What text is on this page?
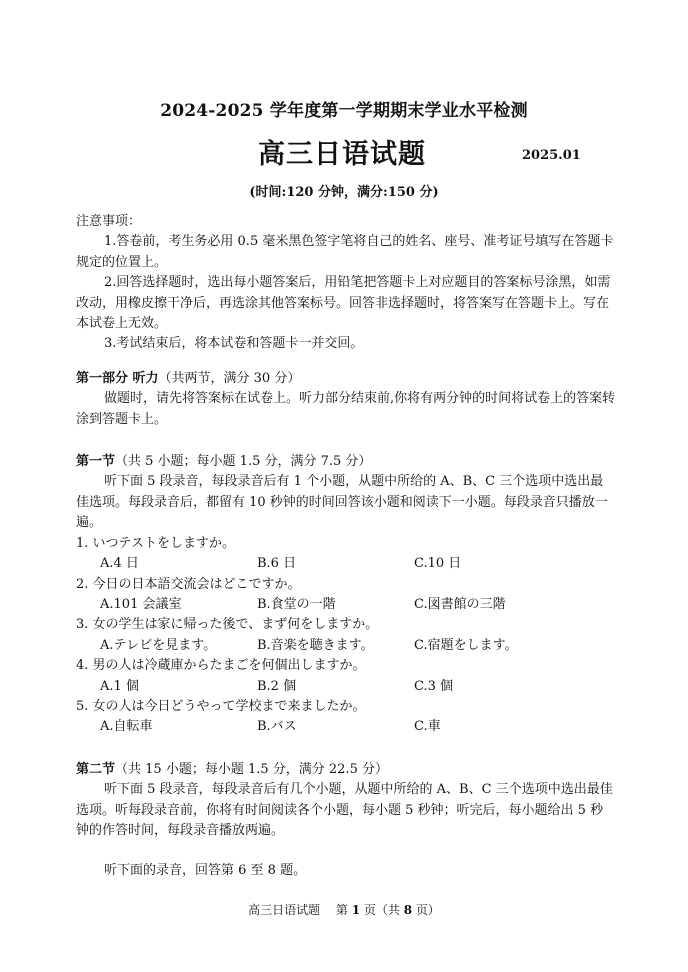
2024-2025 学年度第一学期期末学业水平检测
高三日语试题	2025.01
(时间:120 分钟，满分:150 分)

注意事项：

1.答卷前，考生务必用 0.5 毫米黑色签字笔将自己的姓名、座号、准考证号填写在答题卡规定的位置上。

2.回答选择题时，选出每小题答案后，用铅笔把答题卡上对应题目的答案标号涂黑，如需改动，用橡皮擦干净后，再选涂其他答案标号。回答非选择题时，将答案写在答题卡上。写在本试卷上无效。

3.考试结束后，将本试卷和答题卡一并交回。

第一部分 听力（共两节，满分 30 分）

做题时，请先将答案标在试卷上。听力部分结束前,你将有两分钟的时间将试卷上的答案转涂到答题卡上。

第一节（共 5 小题；每小题 1.5 分，满分 7.5 分）

听下面 5 段录音，每段录音后有 1 个小题，从题中所给的 A、B、C 三个选项中选出最佳选项。每段录音后，都留有 10 秒钟的时间回答该小题和阅读下一小题。每段录音只播放一遍。

1. いつテストをしますか。

A.4 日	B.6 日	C.10 日

2. 今日の日本語交流会はどこですか。

A.101 会議室	B.食堂の一階	C.図書館の三階

3. 女の学生は家に帰った後で、まず何をしますか。

A.テレビを見ます。	B.音楽を聴きます。	C.宿題をします。

4. 男の人は冷蔵庫からたまごを何個出しますか。

A.1 個	B.2 個	C.3 個

5. 女の人は今日どうやって学校まで来ましたか。

A.自転車	B.バス	C.車

第二节（共 15 小题；每小题 1.5 分，满分 22.5 分）

听下面 5 段录音，每段录音后有几个小题，从题中所给的 A、B、C 三个选项中选出最佳选项。听每段录音前，你将有时间阅读各个小题，每小题 5 秒钟；听完后，每小题给出 5 秒钟的作答时间，每段录音播放两遍。

听下面的录音，回答第 6 至 8 题。

高三日语试题　 第 1 页（共 8 页）
